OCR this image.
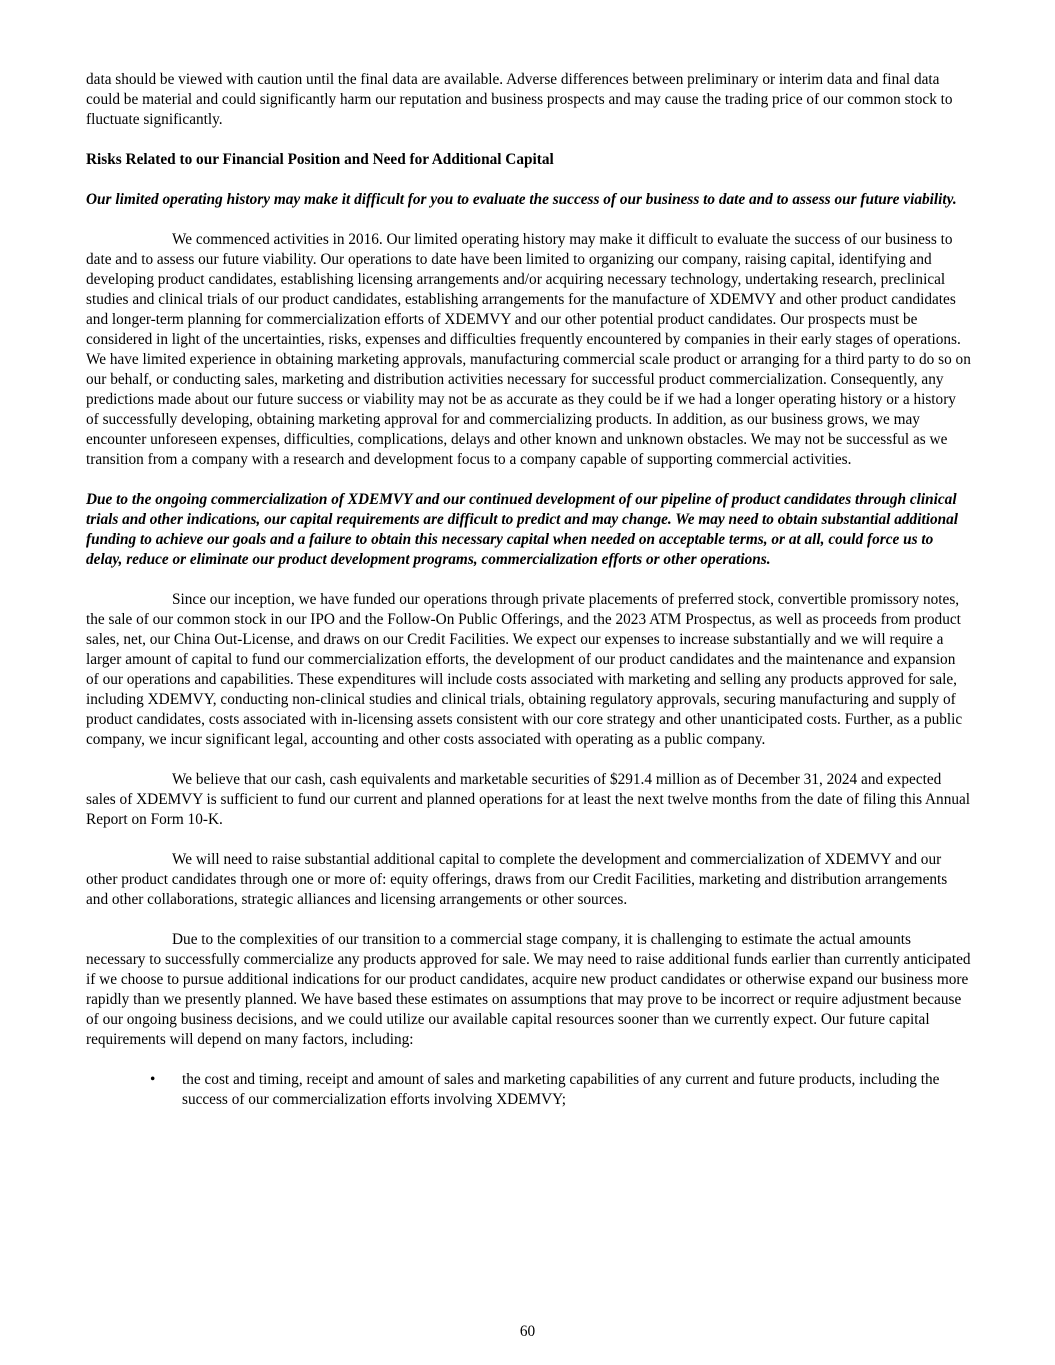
data should be viewed with caution until the final data are available. Adverse differences between preliminary or interim data and final data could be material and could significantly harm our reputation and business prospects and may cause the trading price of our common stock to fluctuate significantly.

Risks Related to our Financial Position and Need for Additional Capital

Our limited operating history may make it difficult for you to evaluate the success of our business to date and to assess our future viability.

We commenced activities in 2016. Our limited operating history may make it difficult to evaluate the success of our business to date and to assess our future viability. Our operations to date have been limited to organizing our company, raising capital, identifying and developing product candidates, establishing licensing arrangements and/or acquiring necessary technology, undertaking research, preclinical studies and clinical trials of our product candidates, establishing arrangements for the manufacture of XDEMVY and other product candidates and longer-term planning for commercialization efforts of XDEMVY and our other potential product candidates. Our prospects must be considered in light of the uncertainties, risks, expenses and difficulties frequently encountered by companies in their early stages of operations. We have limited experience in obtaining marketing approvals, manufacturing commercial scale product or arranging for a third party to do so on our behalf, or conducting sales, marketing and distribution activities necessary for successful product commercialization. Consequently, any predictions made about our future success or viability may not be as accurate as they could be if we had a longer operating history or a history of successfully developing, obtaining marketing approval for and commercializing products. In addition, as our business grows, we may encounter unforeseen expenses, difficulties, complications, delays and other known and unknown obstacles. We may not be successful as we transition from a company with a research and development focus to a company capable of supporting commercial activities.

Due to the ongoing commercialization of XDEMVY and our continued development of our pipeline of product candidates through clinical trials and other indications, our capital requirements are difficult to predict and may change. We may need to obtain substantial additional funding to achieve our goals and a failure to obtain this necessary capital when needed on acceptable terms, or at all, could force us to delay, reduce or eliminate our product development programs, commercialization efforts or other operations.

Since our inception, we have funded our operations through private placements of preferred stock, convertible promissory notes, the sale of our common stock in our IPO and the Follow-On Public Offerings, and the 2023 ATM Prospectus, as well as proceeds from product sales, net, our China Out-License, and draws on our Credit Facilities. We expect our expenses to increase substantially and we will require a larger amount of capital to fund our commercialization efforts, the development of our product candidates and the maintenance and expansion of our operations and capabilities. These expenditures will include costs associated with marketing and selling any products approved for sale, including XDEMVY, conducting non-clinical studies and clinical trials, obtaining regulatory approvals, securing manufacturing and supply of product candidates, costs associated with in-licensing assets consistent with our core strategy and other unanticipated costs. Further, as a public company, we incur significant legal, accounting and other costs associated with operating as a public company.

We believe that our cash, cash equivalents and marketable securities of $291.4 million as of December 31, 2024 and expected sales of XDEMVY is sufficient to fund our current and planned operations for at least the next twelve months from the date of filing this Annual Report on Form 10-K.

We will need to raise substantial additional capital to complete the development and commercialization of XDEMVY and our other product candidates through one or more of: equity offerings, draws from our Credit Facilities, marketing and distribution arrangements and other collaborations, strategic alliances and licensing arrangements or other sources.

Due to the complexities of our transition to a commercial stage company, it is challenging to estimate the actual amounts necessary to successfully commercialize any products approved for sale. We may need to raise additional funds earlier than currently anticipated if we choose to pursue additional indications for our product candidates, acquire new product candidates or otherwise expand our business more rapidly than we presently planned. We have based these estimates on assumptions that may prove to be incorrect or require adjustment because of our ongoing business decisions, and we could utilize our available capital resources sooner than we currently expect. Our future capital requirements will depend on many factors, including:

• the cost and timing, receipt and amount of sales and marketing capabilities of any current and future products, including the success of our commercialization efforts involving XDEMVY;
60
